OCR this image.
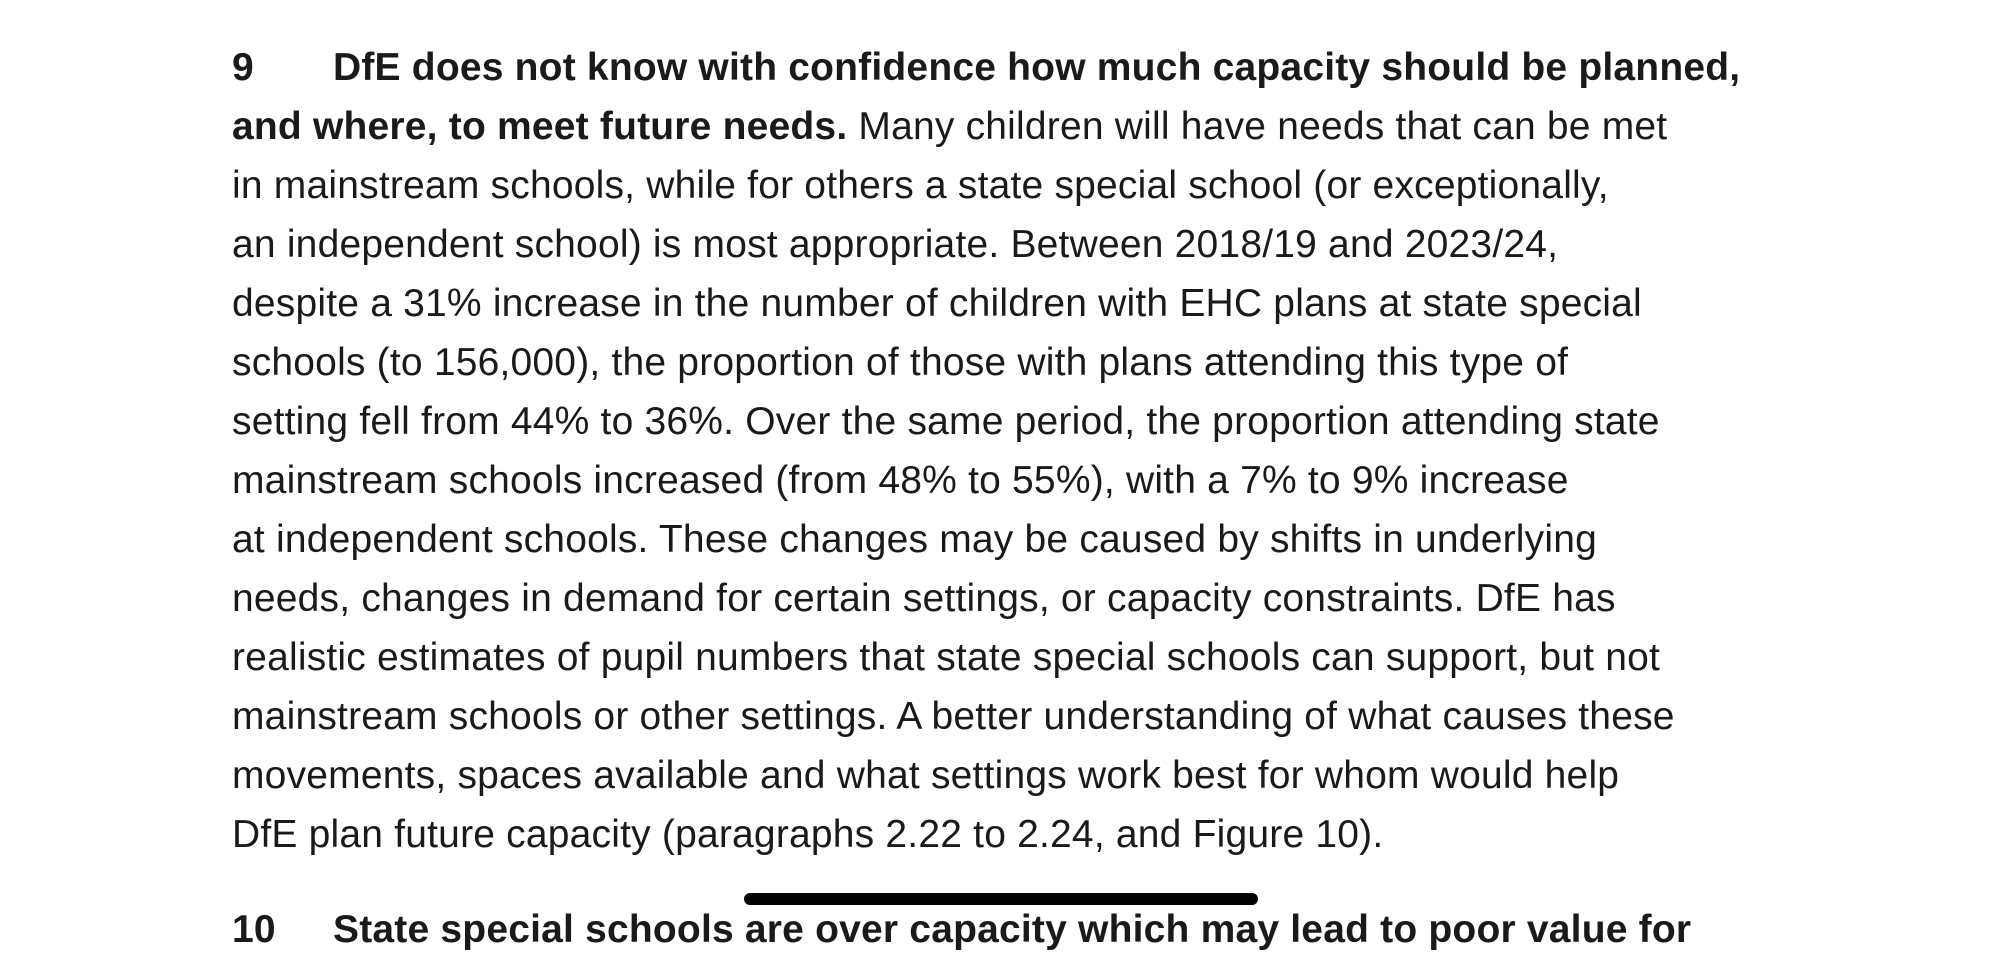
9 DfE does not know with confidence how much capacity should be planned,
and where, to meet future needs. Many children will have needs that can be met
in mainstream schools, while for others a state special school (or exceptionally,
an independent school) is most appropriate. Between 2018/19 and 2023/24,
despite a 31% increase in the number of children with EHC plans at state special
schools (to 156,000), the proportion of those with plans attending this type of
setting fell from 44% to 36%. Over the same period, the proportion attending state
mainstream schools increased (from 48% to 55%), with a 7% to 9% increase
at independent schools. These changes may be caused by shifts in underlying
needs, changes in demand for certain settings, or capacity constraints. DfE has
realistic estimates of pupil numbers that state special schools can support, but not
mainstream schools or other settings. A better understanding of what causes these
movements, spaces available and what settings work best for whom would help
DfE plan future capacity (paragraphs 2.22 to 2.24, and Figure 10).
10 State special schools are over capacity which may lead to poor value for
